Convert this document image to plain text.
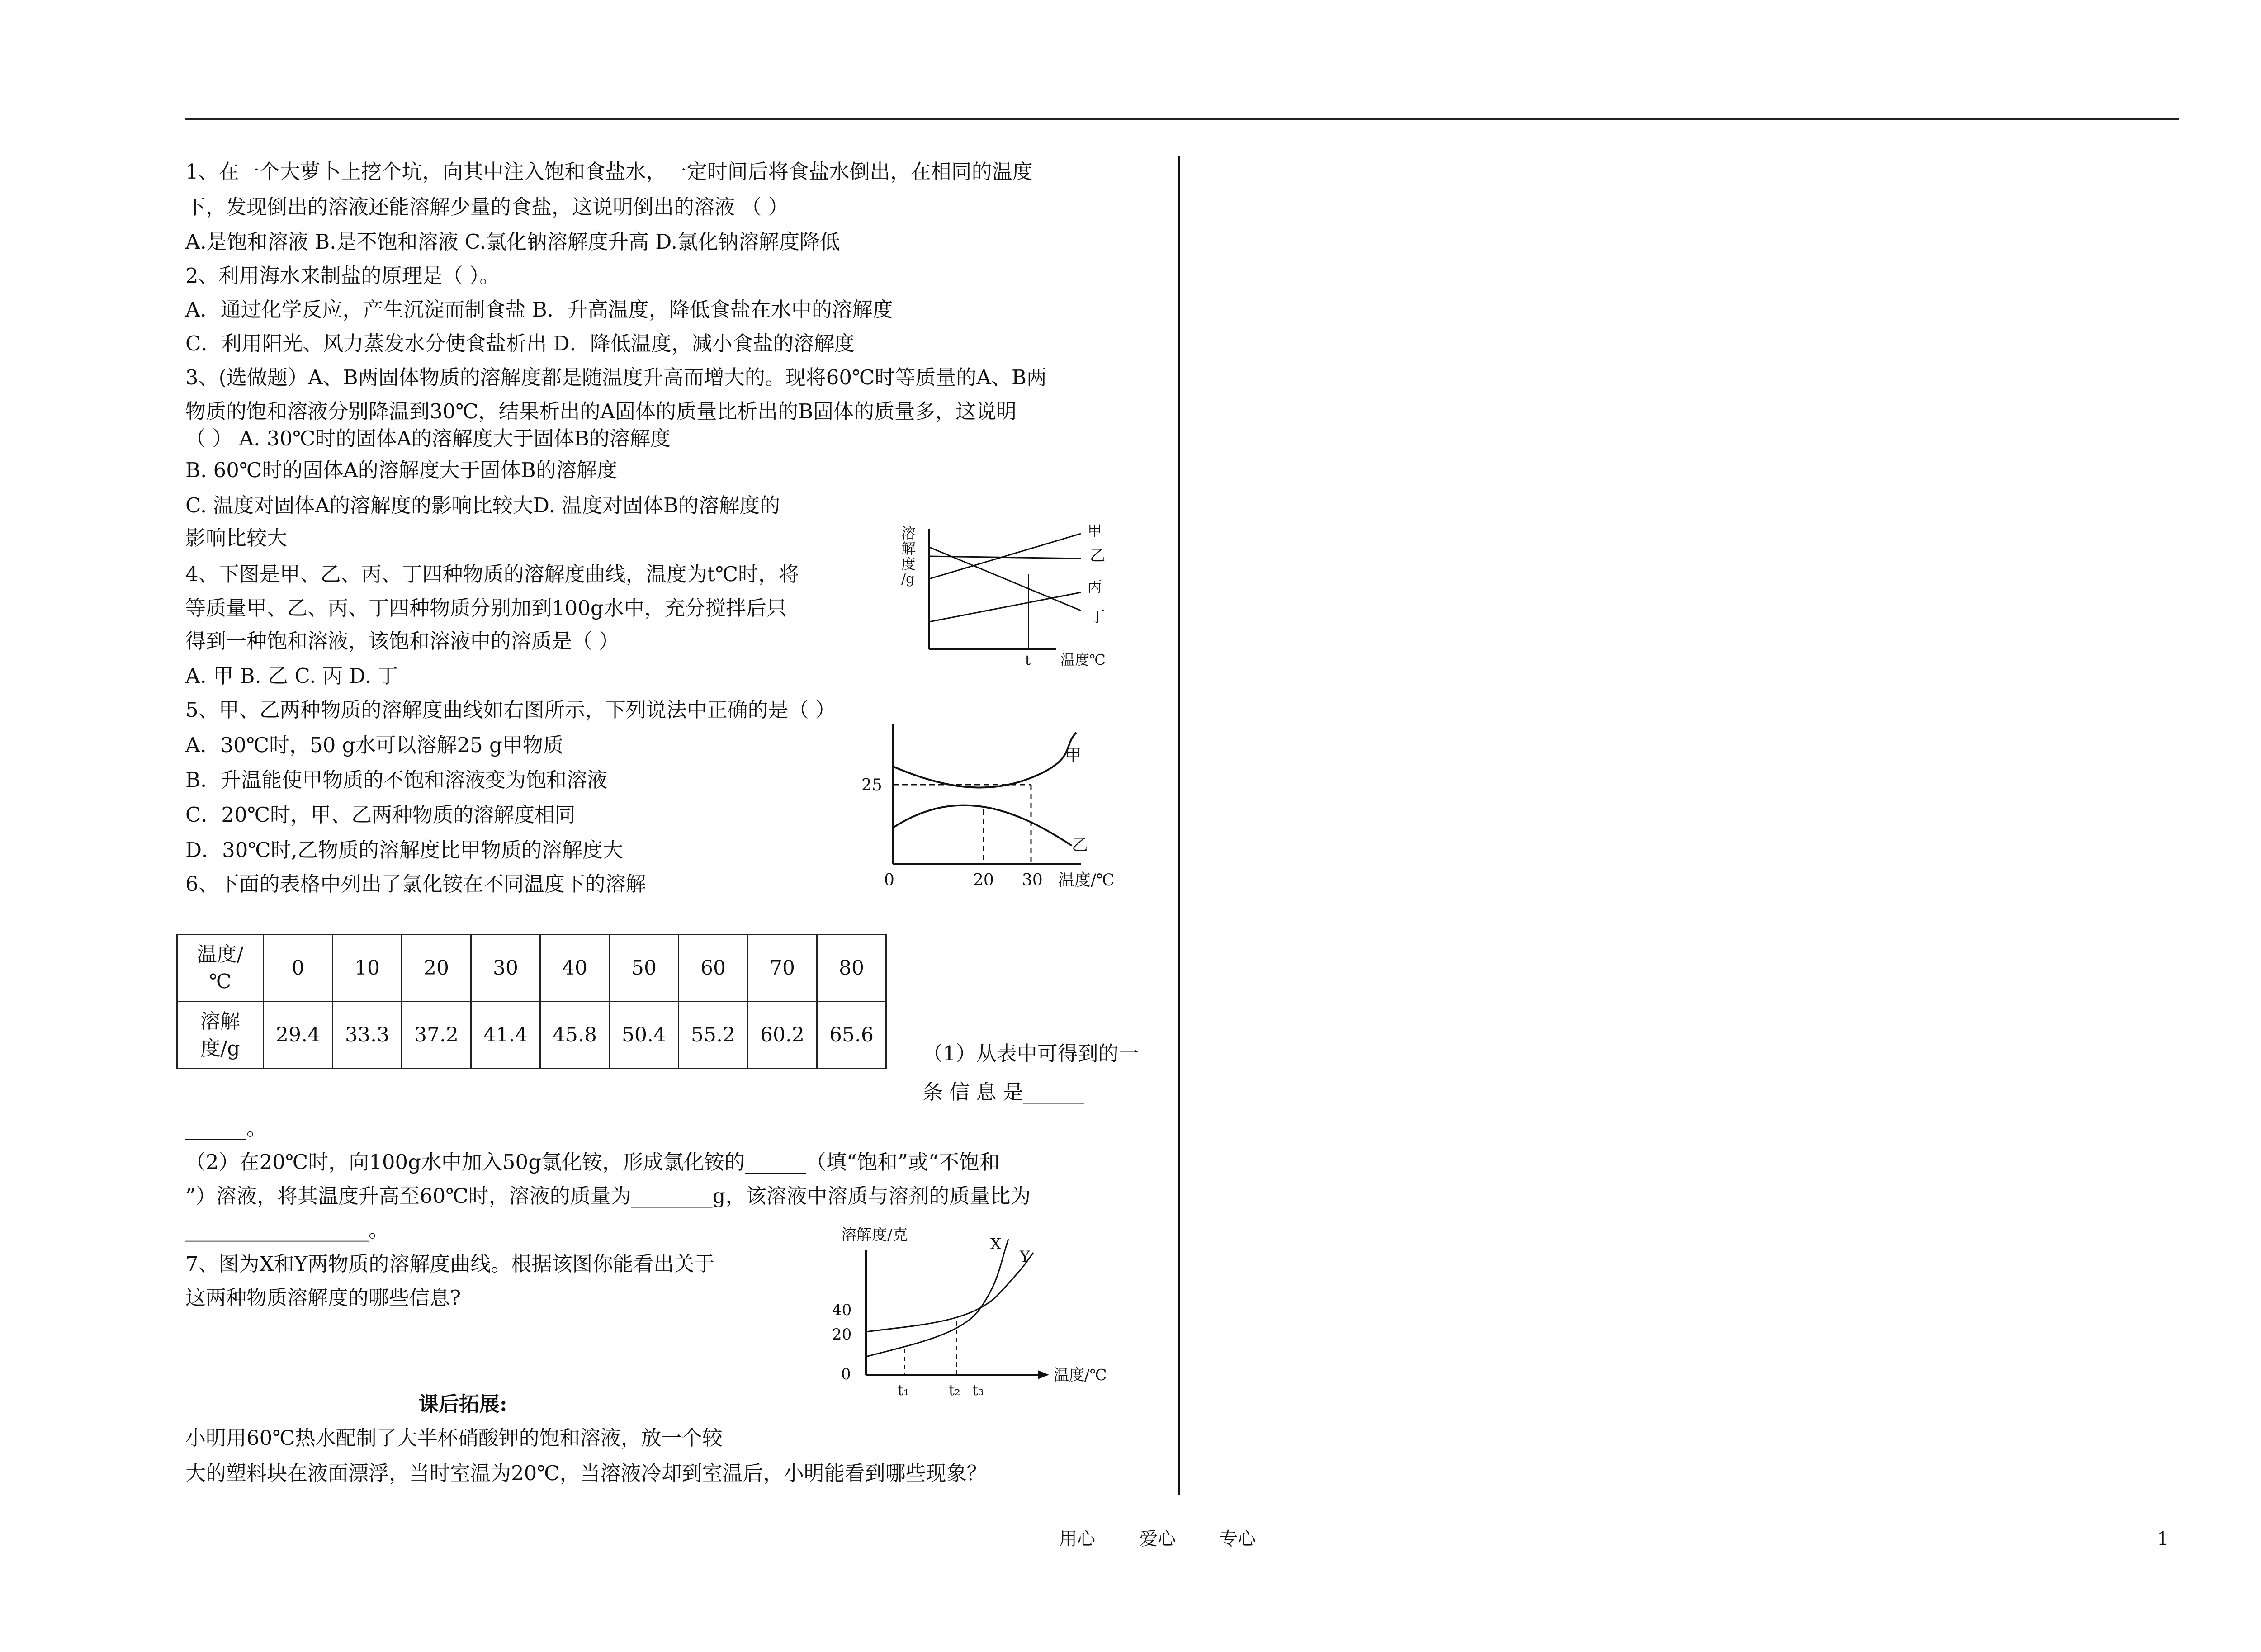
1、在一个大萝卜上挖个坑，向其中注入饱和食盐水，一定时间后将食盐水倒出，在相同的温度
下，发现倒出的溶液还能溶解少量的食盐，这说明倒出的溶液 （ ）
A.是饱和溶液 B.是不饱和溶液 C.氯化钠溶解度升高 D.氯化钠溶解度降低
2、利用海水来制盐的原理是（ ）。
A．通过化学反应，产生沉淀而制食盐 B．升高温度，降低食盐在水中的溶解度
C．利用阳光、风力蒸发水分使食盐析出 D．降低温度，减小食盐的溶解度
3、(选做题）A、B两固体物质的溶解度都是随温度升高而增大的。现将60℃时等质量的A、B两
物质的饱和溶液分别降温到30℃，结果析出的A固体的质量比析出的B固体的质量多，这说明
（ ） A. 30℃时的固体A的溶解度大于固体B的溶解度
B. 60℃时的固体A的溶解度大于固体B的溶解度
C. 温度对固体A的溶解度的影响比较大D. 温度对固体B的溶解度的
影响比较大
4、下图是甲、乙、丙、丁四种物质的溶解度曲线，温度为t℃时，将
等质量甲、乙、丙、丁四种物质分别加到100g水中，充分搅拌后只
得到一种饱和溶液，该饱和溶液中的溶质是（ ）
A. 甲 B. 乙 C. 丙 D. 丁
溶
解
度
/g
甲
乙
丙
丁
t 温度℃
5、甲、乙两种物质的溶解度曲线如右图所示，下列说法中正确的是（ ）
A．30℃时，50 g水可以溶解25 g甲物质
B．升温能使甲物质的不饱和溶液变为饱和溶液
C．20℃时，甲、乙两种物质的溶解度相同
D．30℃时,乙物质的溶解度比甲物质的溶解度大
25
0	20 30 温度/℃
甲
乙
6、下面的表格中列出了氯化铵在不同温度下的溶解
温度/
℃	0	10	20	30	40	50	60	70	80

溶解
度/g	29.4	33.3	37.2	41.4	45.8	50.4	55.2	60.2	65.6
（1）从表中可得到的一
条 信 息 是______
______。
（2）在20℃时，向100g水中加入50g氯化铵，形成氯化铵的______（填“饱和”或“不饱和
”）溶液，将其温度升高至60℃时，溶液的质量为________g，该溶液中溶质与溶剂的质量比为
__________________。
7、图为X和Y两物质的溶解度曲线。根据该图你能看出关于
这两种物质溶解度的哪些信息?
溶解度/克
40
20
0
t₁	t₂ t₃
温度/℃
X
Y
课后拓展:
小明用60℃热水配制了大半杯硝酸钾的饱和溶液，放一个较
大的塑料块在液面漂浮，当时室温为20℃，当溶液冷却到室温后，小明能看到哪些现象？
用心 爱心 专心	1
